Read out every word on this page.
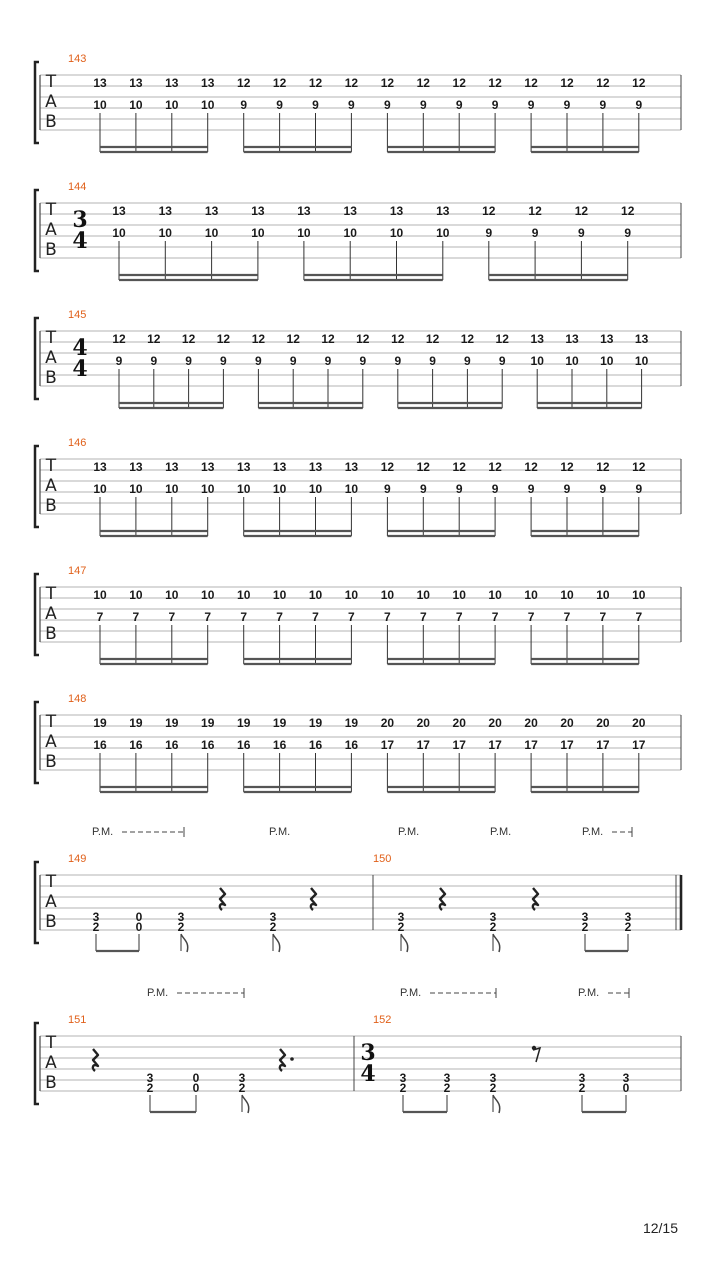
T
A
B
143
13
10
13
10
13
10
13
10
12
9
12
9
12
9
12
9
12
9
12
9
12
9
12
9
12
9
12
9
12
9
12
9
T
A
B
144
3
4
13
10
13
10
13
10
13
10
13
10
13
10
13
10
13
10
12
9
12
9
12
9
12
9
T
A
B
145
4
4
12
9
12
9
12
9
12
9
12
9
12
9
12
9
12
9
12
9
12
9
12
9
12
9
13
10
13
10
13
10
13
10
T
A
B
146
13
10
13
10
13
10
13
10
13
10
13
10
13
10
13
10
12
9
12
9
12
9
12
9
12
9
12
9
12
9
12
9
T
A
B
147
10
7
10
7
10
7
10
7
10
7
10
7
10
7
10
7
10
7
10
7
10
7
10
7
10
7
10
7
10
7
10
7
T
A
B
148
19
16
19
16
19
16
19
16
19
16
19
16
19
16
19
16
20
17
20
17
20
17
20
17
20
17
20
17
20
17
20
17
T
A
B
149	150
3
2
0
0
3
2
3
2
3
2
3
2
3
2
3
2
P.M.	P.M.	P.M.	P.M.	P.M.
T
A
B
151	152
3
4
3
2
0
0
3
2
3
2
3
2
3
2
3
2
3
0
P.M.	P.M.	P.M.
12/15
